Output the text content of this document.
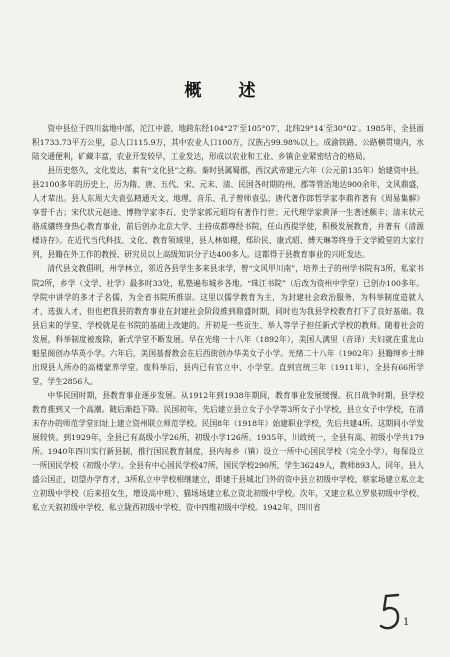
概　述

资中县位于四川盆地中部，沱江中游，地跨东经104°27′至105°07′，北纬29°14′至30°02′。1985年，全县面积1733.73平方公里，总人口115.9万，其中农业人口100万，汉族占99.98%以上。成渝铁路、公路横贯境内，水陆交通便利，矿藏丰富，农业开发较早，工业发达，形成以农业和工业、乡镇企业紧密结合的格局。

县历史悠久，文化发达，素有“文化县”之称。秦时县属蜀郡，西汉武帝建元六年（公元前135年）始建资中县。县2100多年的历史上，历为隋、唐、五代、宋、元末、清、民国各时期的州、郡等管治地达900余年，文风鼎盛，人才辈出。县人东周大夫袁弘精通天文、地理、音乐、孔子曾师袁弘；唐代著作郎哲学家李鼎祚著有《周易集解》享誉千古；宋代状元赵逵、博物学家李石、史学家郭元昭均有著作行世；元代理学家黄泽一生著述颇丰；清末状元骆成骧终身热心教育事业，前后创办北京大学、主持成都尊经书院，任山西提学使，积极发展教育，并著有《清源楼诗存》。在近代当代科技、文化、教育领域里，县人林如稷、郑玠民、康式昭、傅天琳等终身于文学殿堂的大家行列，县籍在外工作的教授、研究员以上高级知识分子达400多人。这都得于县教育事业的兴旺发达。

清代县文教倡明，州学林立，邻近各县学生多来县求学，曾“文风甲川南”，培养土子的州学书院有3所，私家书院2所，乡学（文学、社学）最多时33处，私塾遍布城乡各地。“珠江书院”（后改为资州中学堂）已创办100多年。学院中讲学的多才子名儒，为全省书院所推崇。这里以儒学教育为主，为封建社会政治服务，为科举制度造就人才，选拔人才，但也把我县的教育事业在封建社会阶段推到鼎盛时期，同时也为我县学校教育打下了良好基础。我县后来的学堂、学校就是在书院的基础上改建的。开初是一些贡生、举人等学子担任新式学校的教师。随着社会的发展，科举制度被废除，新式学堂不断发展。早在光绪一十八年（1892年），美国人满里（音译）夫妇就在重龙山魁星阁创办华英小学。六年后，美国基督教会在后西街创办华美女子小学。光绪二十八年（1902年）县籍绅乡士绅出现县人所办的高楼蒙养学堂。废科举后，县内已有官立中、小学堂。直到宣统三年（1911年），全县有66所学堂，学生2856人。

中华民国时期，县教育事业逐步发展。从1912年到1938年期间，教育事业发展缓慢。抗日战争时期，县学校教育推到又一个高潮。随后渐趋下降。民国初年，先后建立县立女子小学等3所女子小学校，县立女子中学校，在清末存办的师范学堂旧址上建立资州联立师范学校。民国8年（1918年）始建职业学校，先后共建4所。这期间小学发展较快。到1929年，全县已有高级小学26所，初级小学126所。1935年，川政统一，全县有高、初级小学共179所。1940年四川实行新县制，推行国民教育制度，县内每乡（镇）设立一所中心国民学校（完全小学），每保设立一所国民学校（初级小学）。全县有中心国民学校47所，国民学校290所，学生36249人，教师893人。同年，县人盛公国正，切望办学育才，3所私立中学校相继建立，即建于县城北门外的资中县立初级中学校、蔡家场建立私立北立初级中学校（后来招女生，增设高中班）、猫场场建立私立资北初级中学校。次年，又建立私立罗泉初级中学校、私立天叙初级中学校、私立陇西初级中学校、资中四维初级中学校。1942年，四川省

1
